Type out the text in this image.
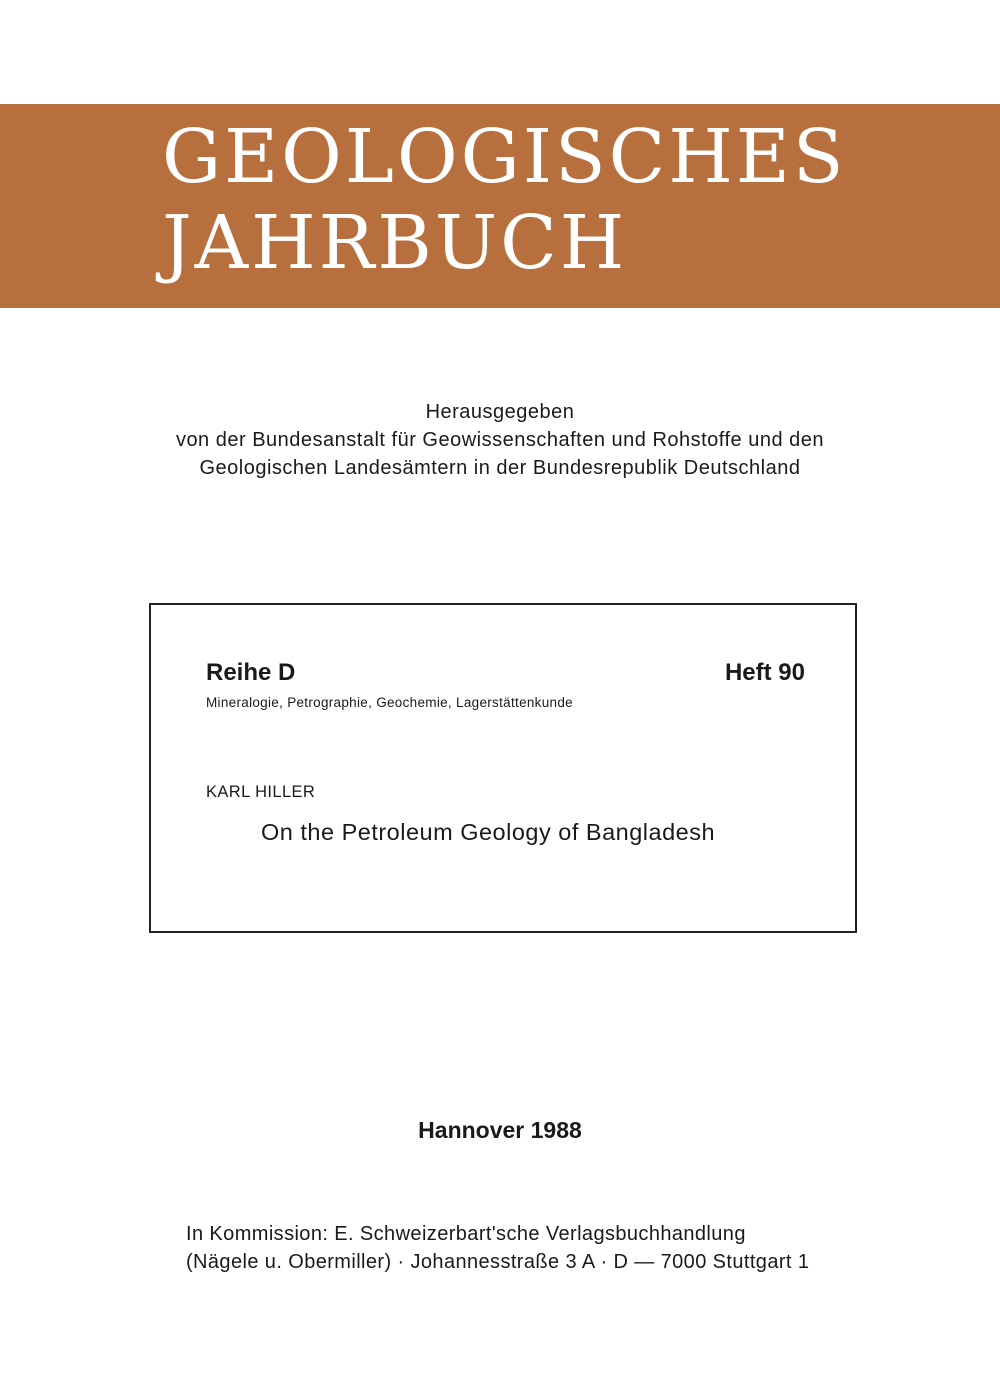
GEOLOGISCHES
JAHRBUCH
Herausgegeben
von der Bundesanstalt für Geowissenschaften und Rohstoffe und den
Geologischen Landesämtern in der Bundesrepublik Deutschland
Reihe D	Heft 90
Mineralogie, Petrographie, Geochemie, Lagerstättenkunde
KARL HILLER
On the Petroleum Geology of Bangladesh
Hannover 1988
In Kommission: E. Schweizerbart'sche Verlagsbuchhandlung
(Nägele u. Obermiller) · Johannesstraße 3 A · D — 7000 Stuttgart 1
